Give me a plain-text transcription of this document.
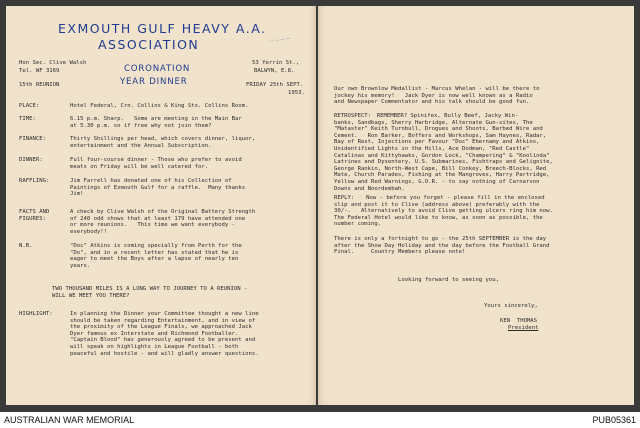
EXMOUTH GULF HEAVY A.A.
ASSOCIATION	~~~~
Hon Sec. Clive Walsh
Tel. WF 3169
53 Yerrin St.,
BALWYN, E.8.
CORONATION
YEAR DINNER
15th REUNION	FRIDAY 25th SEPT.
1953.
PLACE:	Hotel Federal, Crn. Collins & King Sts. Collins Room.
TIME:	6.15 p.m. Sharp.   Some are meeting in the Main Bar
at 5.30 p.m. so if free why not join them?
FINANCE:	Thirty Shillings per head, which covers dinner, liquor,
entertainment and the Annual Subscription.
DINNER:	Full four-course dinner - Those who prefer to avoid
meats on Friday will be well catered for.
RAFFLING:	Jim Farrell has donated one of his Collection of
Paintings of Exmouth Gulf for a raffle.  Many thanks
Jim!
FACTS AND
FIGURES:
A check by Clive Walsh of the Original Battery Strength
of 240 odd shows that at least 179 have attended one
or more reunions.   This time we want everybody -
everybody!!
N.B.	"Doc" Atkins is coming specially from Perth for the
"Do", and in a recent letter has stated that he is
eager to meet the Boys after a lapse of nearly ten
years.
TWO THOUSAND MILES IS A LONG WAY TO JOURNEY TO A REUNION -
WILL WE MEET YOU THERE?
HIGHLIGHT:	In planning the Dinner your Committee thought a new line
should be taken regarding Entertainment, and in view of
the proximity of the League Finals, we approached Jack
Dyer famous ex Interstate and Richmond Footballer.
"Captain Blood" has generously agreed to be present and
will speak on highlights in League Football - both
peaceful and hostile - and will gladly answer questions.
Our own Brownlow Medallist - Marcus Whelan - will be there to
jockey his memory!   Jack Dyer is now well known as a Radio
and Newspaper Commentator and his talk should be good fun.
RETROSPECT:	REMEMBER? Spinifex, Bully Beef, Jacky Win-
banks, Sandbags, Sherry Harbridge, Alternate Gun-sites, The
"Mataster" Keith Turnbull, Drogues and Shoots, Barbed Wire and
Cement.   Ron Barker, Boffers and Workshops, Sam Haynes, Radar,
Bay of Rest, Injections per Favour "Doc" Ehernamy and Atkins,
Unidentified Lights in the Hills, Ace Dodman, "Red Castle"
Catalinas and Kittyhawks, Gordon Lock, "Champering" & "Koolinda"
Latrines and Dysentery, U.S. Submarines, Fishtraps and Gelignite,
George Rankin, North-West Cape, Bill Conkey, Breech-Blocks, Red
Mate, Church Parades, Fishing at the Mangroves, Harry Partridge,
Yellow and Red Warnings, G.O.R. - to say nothing of Carnarvon
Downs and Noordembah.
REPLY:	Now - before you forget - please fill in the enclosed
slip and post it to Clive (address above) preferably with the
30/-.   Alternatively to avoid Clive getting ulcers ring him now.
The Federal Hotel would like to know, as soon as possible, the
number coming.
There is only a fortnight to go - the 25th SEPTEMBER is the day
after the Show Day Holiday and the day before the Football Grand
Final.     Country Members please note!
Looking forward to seeing you,
Yours sincerely,
KEN  THOMAS
President
AUSTRALIAN WAR MEMORIAL	PUB05361
